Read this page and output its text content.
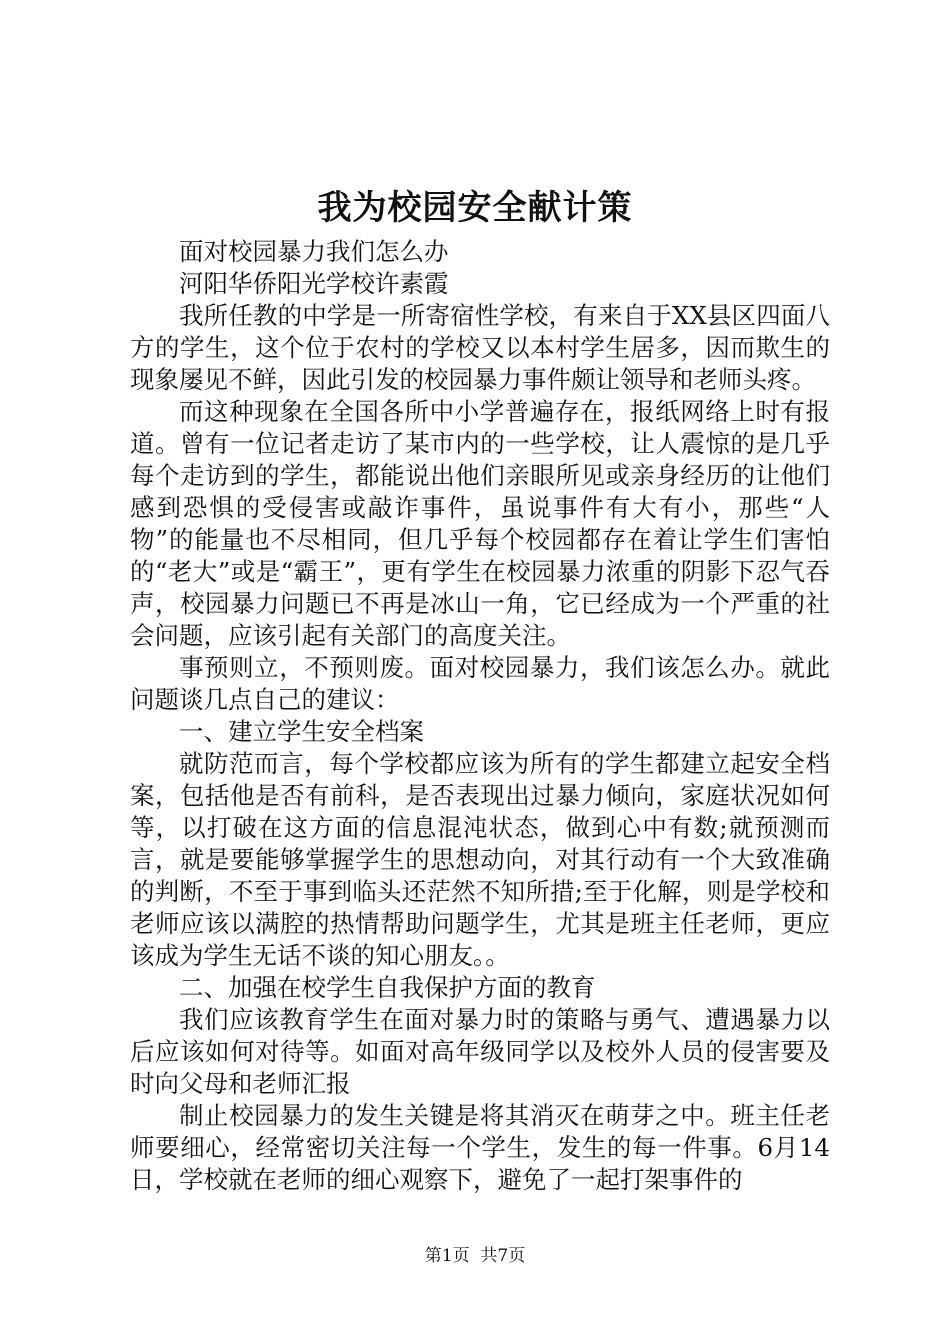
我为校园安全献计策

面对校园暴力我们怎么办

河阳华侨阳光学校许素霞

我所任教的中学是一所寄宿性学校，有来自于XX县区四面八方的学生，这个位于农村的学校又以本村学生居多，因而欺生的现象屡见不鲜，因此引发的校园暴力事件颇让领导和老师头疼。

而这种现象在全国各所中小学普遍存在，报纸网络上时有报道。曾有一位记者走访了某市内的一些学校，让人震惊的是几乎每个走访到的学生，都能说出他们亲眼所见或亲身经历的让他们感到恐惧的受侵害或敲诈事件，虽说事件有大有小，那些“人物”的能量也不尽相同，但几乎每个校园都存在着让学生们害怕的“老大”或是“霸王”，更有学生在校园暴力浓重的阴影下忍气吞声，校园暴力问题已不再是冰山一角，它已经成为一个严重的社会问题，应该引起有关部门的高度关注。

事预则立，不预则废。面对校园暴力，我们该怎么办。就此问题谈几点自己的建议：

一、建立学生安全档案

就防范而言，每个学校都应该为所有的学生都建立起安全档案，包括他是否有前科，是否表现出过暴力倾向，家庭状况如何等，以打破在这方面的信息混沌状态，做到心中有数;就预测而言，就是要能够掌握学生的思想动向，对其行动有一个大致准确的判断，不至于事到临头还茫然不知所措;至于化解，则是学校和老师应该以满腔的热情帮助问题学生，尤其是班主任老师，更应该成为学生无话不谈的知心朋友。。

二、加强在校学生自我保护方面的教育

我们应该教育学生在面对暴力时的策略与勇气、遭遇暴力以后应该如何对待等。如面对高年级同学以及校外人员的侵害要及时向父母和老师汇报

制止校园暴力的发生关键是将其消灭在萌芽之中。班主任老师要细心，经常密切关注每一个学生，发生的每一件事。6月14日，学校就在老师的细心观察下，避免了一起打架事件的

第1页 共7页
